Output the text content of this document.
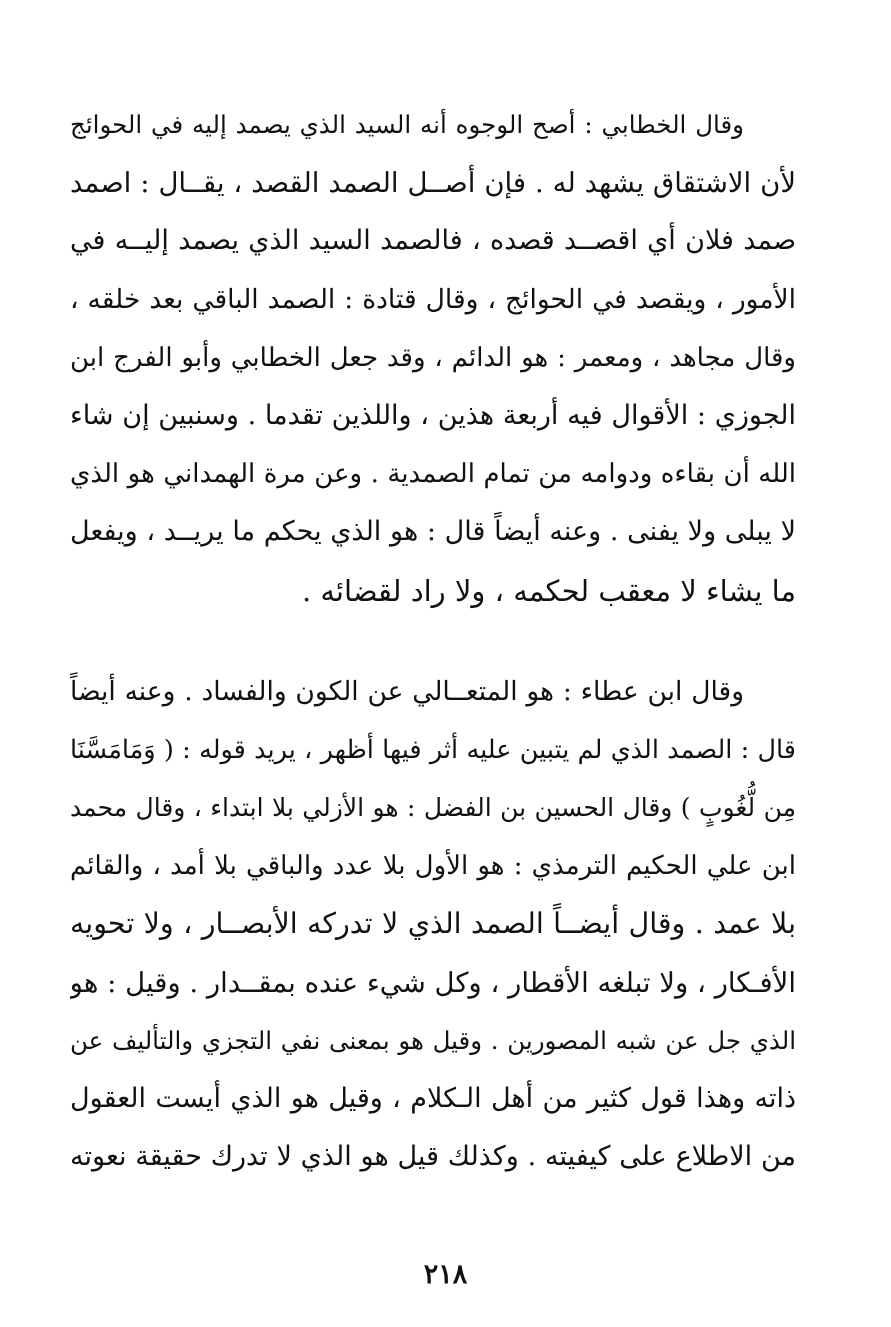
وقال الخطابي : أصح الوجوه أنه السيد الذي يصمد إليه في الحوائج
لأن الاشتقاق يشهد له . فإن أصــل الصمد القصد ، يقــال : اصمد
صمد فلان أي اقصــد قصده ، فالصمد السيد الذي يصمد إليــه في
الأمور ، ويقصد في الحوائج ، وقال قتادة : الصمد الباقي بعد خلقه ،
وقال مجاهد ، ومعمر : هو الدائم ، وقد جعل الخطابي وأبو الفرج ابن
الجوزي : الأقوال فيه أربعة هذين ، واللذين تقدما . وسنبين إن شاء
الله أن بقاءه ودوامه من تمام الصمدية . وعن مرة الهمداني هو الذي
لا يبلى ولا يفنى . وعنه أيضاً قال : هو الذي يحكم ما يريــد ، ويفعل
ما يشاء لا معقب لحكمه ، ولا راد لقضائه .
وقال ابن عطاء : هو المتعــالي عن الكون والفساد . وعنه أيضاً
قال : الصمد الذي لم يتبين عليه أثر فيها أظهر ، يريد قوله : ( وَمَامَسَّنَا
مِن لُّغُوبٍ ) وقال الحسين بن الفضل : هو الأزلي بلا ابتداء ، وقال محمد
ابن علي الحكيم الترمذي : هو الأول بلا عدد والباقي بلا أمد ، والقائم
بلا عمد . وقال أيضــاً الصمد الذي لا تدركه الأبصــار ، ولا تحويه
الأفـكار ، ولا تبلغه الأقطار ، وكل شيء عنده بمقــدار . وقيل : هو
الذي جل عن شبه المصورين . وقيل هو بمعنى نفي التجزي والتأليف عن
ذاته وهذا قول كثير من أهل الـكلام ، وقيل هو الذي أيست العقول
من الاطلاع على كيفيته . وكذلك قيل هو الذي لا تدرك حقيقة نعوته
٢١٨
